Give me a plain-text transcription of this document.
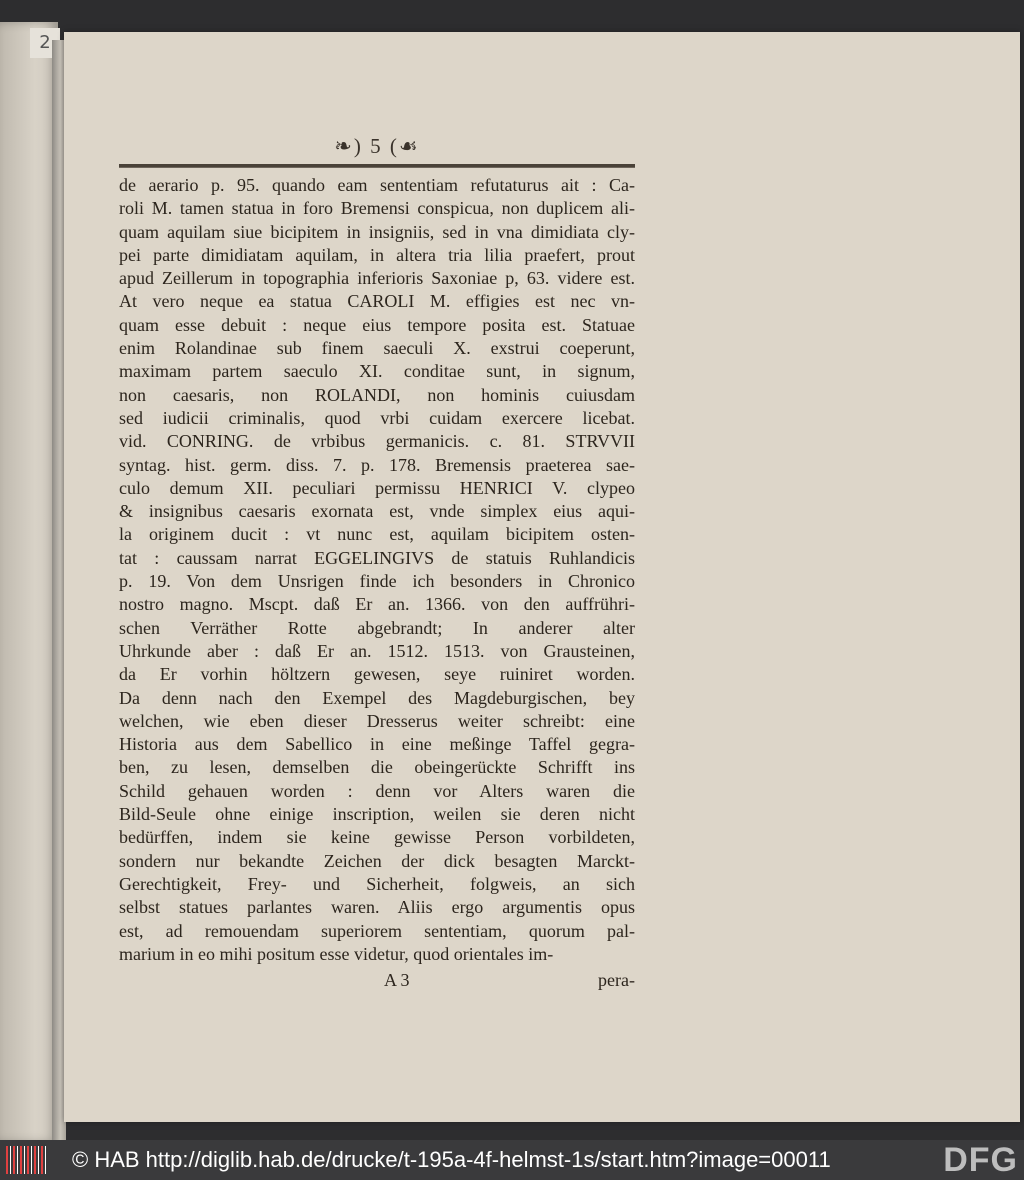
2
❧) 5 (☙
de aerario p. 95. quando eam sententiam refutaturus ait : Ca-
roli M. tamen statua in foro Bremensi conspicua, non duplicem ali-
quam aquilam siue bicipitem in insigniis, sed in vna dimidiata cly-
pei parte dimidiatam aquilam, in altera tria lilia praefert, prout
apud Zeillerum in topographia inferioris Saxoniae p, 63. videre est.
At vero neque ea statua CAROLI M. effigies est nec vn-
quam esse debuit : neque eius tempore posita est. Statuae
enim Rolandinae sub finem saeculi X. exstrui coeperunt,
maximam partem saeculo XI. conditae sunt, in signum,
non caesaris, non ROLANDI, non hominis cuiusdam
sed iudicii criminalis, quod vrbi cuidam exercere licebat.
vid. CONRING. de vrbibus germanicis. c. 81. STRVVII
syntag. hist. germ. diss. 7. p. 178. Bremensis praeterea sae-
culo demum XII. peculiari permissu HENRICI V. clypeo
& insignibus caesaris exornata est, vnde simplex eius aqui-
la originem ducit : vt nunc est, aquilam bicipitem osten-
tat : caussam narrat EGGELINGIVS de statuis Ruhlandicis
p. 19. Von dem Unsrigen finde ich besonders in Chronico
nostro magno. Mscpt. daß Er an. 1366. von den auffrühri-
schen Verräther Rotte abgebrandt; In anderer alter
Uhrkunde aber : daß Er an. 1512. 1513. von Grausteinen,
da Er vorhin höltzern gewesen, seye ruiniret worden.
Da denn nach den Exempel des Magdeburgischen, bey
welchen, wie eben dieser Dresserus weiter schreibt: eine
Historia aus dem Sabellico in eine meßinge Taffel gegra-
ben, zu lesen, demselben die obeingerückte Schrifft ins
Schild gehauen worden : denn vor Alters waren die
Bild-Seule ohne einige inscription, weilen sie deren nicht
bedürffen, indem sie keine gewisse Person vorbildeten,
sondern nur bekandte Zeichen der dick besagten Marckt-
Gerechtigkeit, Frey- und Sicherheit, folgweis, an sich
selbst statues parlantes waren. Aliis ergo argumentis opus
est, ad remouendam superiorem sententiam, quorum pal-
marium in eo mihi positum esse videtur, quod orientales im-
A 3	pera-
© HAB http://diglib.hab.de/drucke/t-195a-4f-helmst-1s/start.htm?image=00011	DFG
